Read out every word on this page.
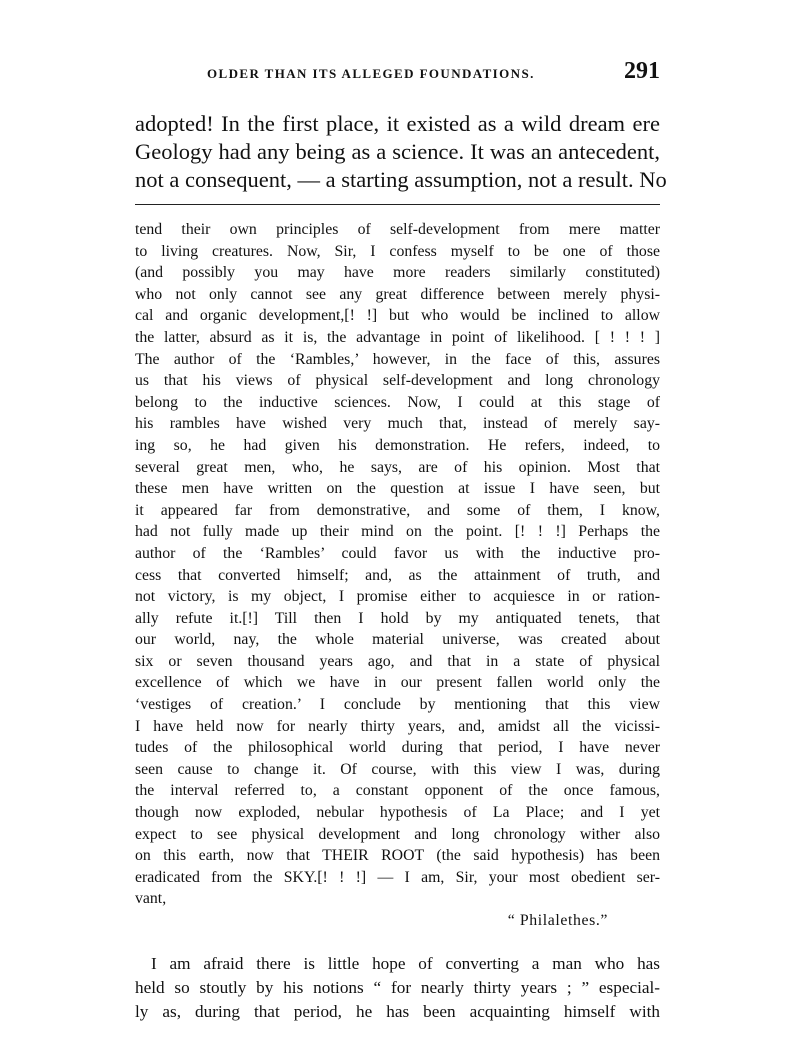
OLDER THAN ITS ALLEGED FOUNDATIONS.	291
adopted! In the first place, it existed as a wild dream ere
Geology had any being as a science. It was an antecedent,
not a consequent, — a starting assumption, not a result. No
tend their own principles of self-development from mere matter
to living creatures. Now, Sir, I confess myself to be one of those
(and possibly you may have more readers similarly constituted)
who not only cannot see any great difference between merely physi-
cal and organic development,[! !] but who would be inclined to allow
the latter, absurd as it is, the advantage in point of likelihood. [ ! ! ! ]
The author of the ‘Rambles,’ however, in the face of this, assures
us that his views of physical self-development and long chronology
belong to the inductive sciences. Now, I could at this stage of
his rambles have wished very much that, instead of merely say-
ing so, he had given his demonstration. He refers, indeed, to
several great men, who, he says, are of his opinion. Most that
these men have written on the question at issue I have seen, but
it appeared far from demonstrative, and some of them, I know,
had not fully made up their mind on the point. [! ! !] Perhaps the
author of the ‘Rambles’ could favor us with the inductive pro-
cess that converted himself; and, as the attainment of truth, and
not victory, is my object, I promise either to acquiesce in or ration-
ally refute it.[!] Till then I hold by my antiquated tenets, that
our world, nay, the whole material universe, was created about
six or seven thousand years ago, and that in a state of physical
excellence of which we have in our present fallen world only the
‘vestiges of creation.’ I conclude by mentioning that this view
I have held now for nearly thirty years, and, amidst all the vicissi-
tudes of the philosophical world during that period, I have never
seen cause to change it. Of course, with this view I was, during
the interval referred to, a constant opponent of the once famous,
though now exploded, nebular hypothesis of La Place; and I yet
expect to see physical development and long chronology wither also
on this earth, now that THEIR ROOT (the said hypothesis) has been
eradicated from the SKY.[! ! !] — I am, Sir, your most obedient ser-
vant,
“ Philalethes.”
I am afraid there is little hope of converting a man who has
held so stoutly by his notions “ for nearly thirty years ; ” especial-
ly as, during that period, he has been acquainting himself with
